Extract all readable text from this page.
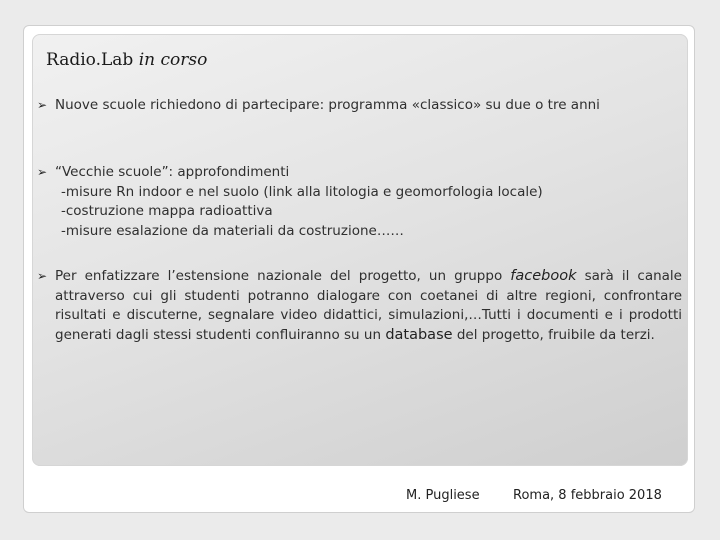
Radio.Lab in corso
➢ Nuove scuole richiedono di partecipare: programma «classico» su due o tre anni
➢ “Vecchie scuole”: approfondimenti
-misure Rn indoor e nel suolo (link alla litologia e geomorfologia locale)
-costruzione mappa radioattiva
-misure esalazione da materiali da costruzione……
➢ Per enfatizzare l’estensione nazionale del progetto, un gruppo facebook sarà il canale attraverso cui gli studenti potranno dialogare con coetanei di altre regioni, confrontare risultati e discuterne, segnalare video didattici, simulazioni,…Tutti i documenti e i prodotti generati dagli stessi studenti confluiranno su un database del progetto, fruibile da terzi.
M. Pugliese	Roma, 8 febbraio 2018
